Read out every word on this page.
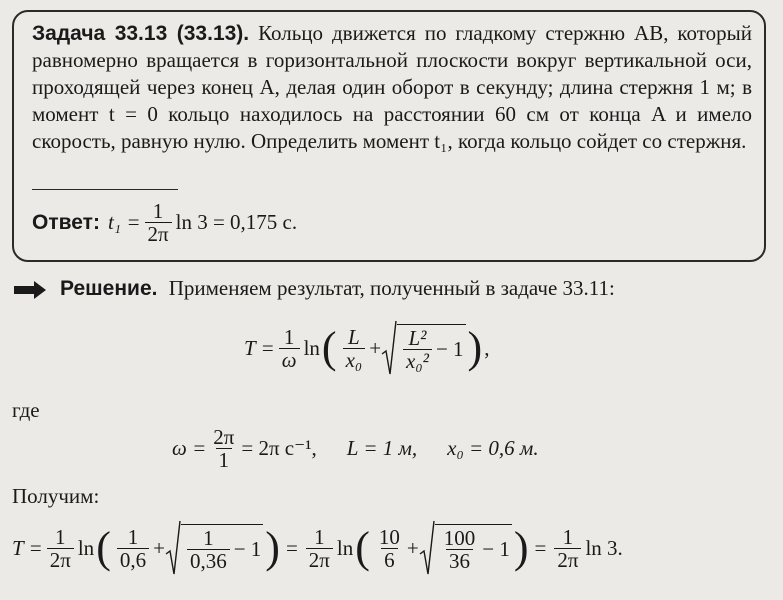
Задача 33.13 (33.13). Кольцо движется по гладкому стержню AB, который равномерно вращается в горизонтальной плоскости вокруг вертикальной оси, проходящей через конец A, делая один оборот в секунду; длина стержня 1 м; в момент t = 0 кольцо находилось на расстоянии 60 см от конца A и имело скорость, равную нулю. Определить момент t₁, когда кольцо сойдет со стержня.
Ответ: $t_1 = \frac{1}{2\pi}$ ln 3 = 0,175 с.
Решение. Применяем результат, полученный в задаче 33.11:
$T = \frac{1}{\omega}$ ln ( $\frac{L}{\text{x₀}} + \frac{\text{L²}}{\text{x₀²}} - 1$ ) ,
где
$\omega = \frac{2\pi}{1} = 2\pi$ с⁻¹, L = 1 м, x₀ = 0,6 м.
Получим:
$T = \frac{1}{2\pi}$ ln ( $\frac{1}{0,6} + \frac{1}{0,36} - 1$ ) = $\frac{1}{2\pi}$ ln ( $\frac{10}{6} + \frac{100}{36} - 1$ ) = $\frac{1}{2\pi}$ ln 3.
